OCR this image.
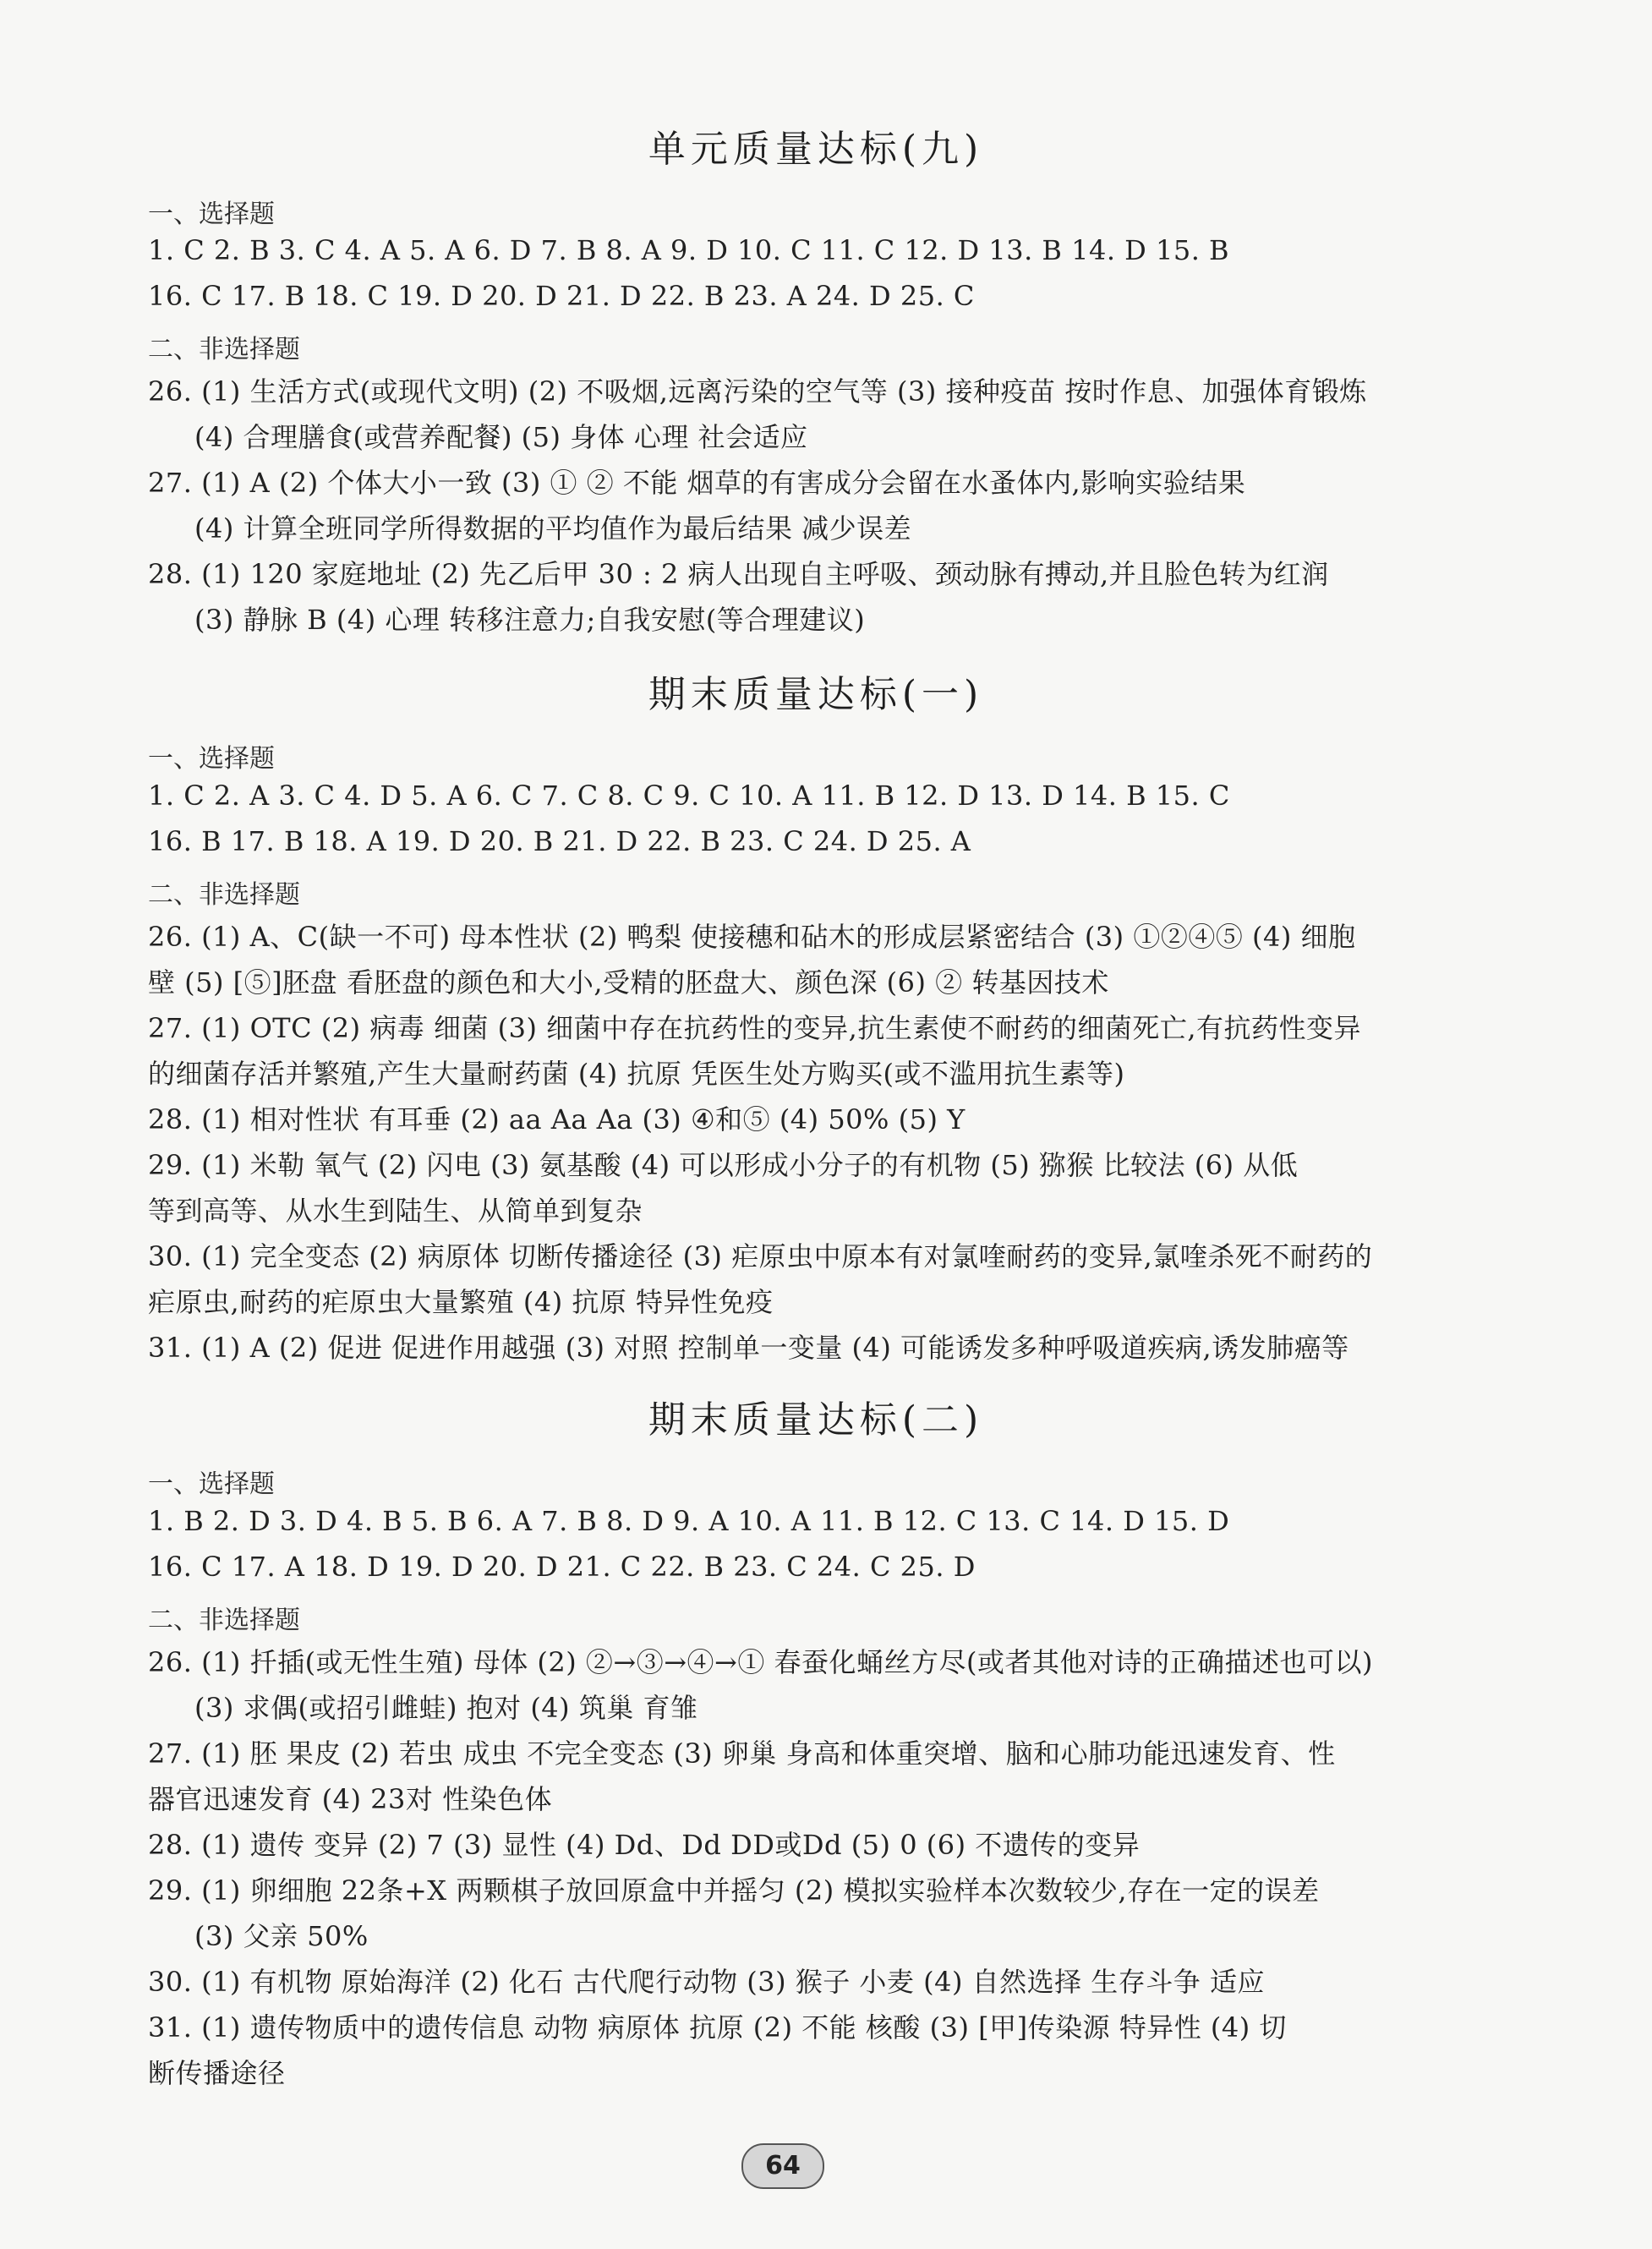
单元质量达标(九)
一、选择题
1. C 2. B 3. C 4. A 5. A 6. D 7. B 8. A 9. D 10. C 11. C 12. D 13. B 14. D 15. B
16. C 17. B 18. C 19. D 20. D 21. D 22. B 23. A 24. D 25. C
二、非选择题
26. (1) 生活方式(或现代文明) (2) 不吸烟,远离污染的空气等 (3) 接种疫苗 按时作息、加强体育锻炼
(4) 合理膳食(或营养配餐) (5) 身体 心理 社会适应
27. (1) A (2) 个体大小一致 (3) ① ② 不能 烟草的有害成分会留在水蚤体内,影响实验结果
(4) 计算全班同学所得数据的平均值作为最后结果 减少误差
28. (1) 120 家庭地址 (2) 先乙后甲 30 : 2 病人出现自主呼吸、颈动脉有搏动,并且脸色转为红润
(3) 静脉 B (4) 心理 转移注意力;自我安慰(等合理建议)
期末质量达标(一)
一、选择题
1. C 2. A 3. C 4. D 5. A 6. C 7. C 8. C 9. C 10. A 11. B 12. D 13. D 14. B 15. C
16. B 17. B 18. A 19. D 20. B 21. D 22. B 23. C 24. D 25. A
二、非选择题
26. (1) A、C(缺一不可) 母本性状 (2) 鸭梨 使接穗和砧木的形成层紧密结合 (3) ①②④⑤ (4) 细胞
壁 (5) [⑤]胚盘 看胚盘的颜色和大小,受精的胚盘大、颜色深 (6) ② 转基因技术
27. (1) OTC (2) 病毒 细菌 (3) 细菌中存在抗药性的变异,抗生素使不耐药的细菌死亡,有抗药性变异
的细菌存活并繁殖,产生大量耐药菌 (4) 抗原 凭医生处方购买(或不滥用抗生素等)
28. (1) 相对性状 有耳垂 (2) aa Aa Aa (3) ④和⑤ (4) 50% (5) Y
29. (1) 米勒 氧气 (2) 闪电 (3) 氨基酸 (4) 可以形成小分子的有机物 (5) 猕猴 比较法 (6) 从低
等到高等、从水生到陆生、从简单到复杂
30. (1) 完全变态 (2) 病原体 切断传播途径 (3) 疟原虫中原本有对氯喹耐药的变异,氯喹杀死不耐药的
疟原虫,耐药的疟原虫大量繁殖 (4) 抗原 特异性免疫
31. (1) A (2) 促进 促进作用越强 (3) 对照 控制单一变量 (4) 可能诱发多种呼吸道疾病,诱发肺癌等
期末质量达标(二)
一、选择题
1. B 2. D 3. D 4. B 5. B 6. A 7. B 8. D 9. A 10. A 11. B 12. C 13. C 14. D 15. D
16. C 17. A 18. D 19. D 20. D 21. C 22. B 23. C 24. C 25. D
二、非选择题
26. (1) 扦插(或无性生殖) 母体 (2) ②→③→④→① 春蚕化蛹丝方尽(或者其他对诗的正确描述也可以)
(3) 求偶(或招引雌蛙) 抱对 (4) 筑巢 育雏
27. (1) 胚 果皮 (2) 若虫 成虫 不完全变态 (3) 卵巢 身高和体重突增、脑和心肺功能迅速发育、性
器官迅速发育 (4) 23对 性染色体
28. (1) 遗传 变异 (2) 7 (3) 显性 (4) Dd、Dd DD或Dd (5) 0 (6) 不遗传的变异
29. (1) 卵细胞 22条+X 两颗棋子放回原盒中并摇匀 (2) 模拟实验样本次数较少,存在一定的误差
(3) 父亲 50%
30. (1) 有机物 原始海洋 (2) 化石 古代爬行动物 (3) 猴子 小麦 (4) 自然选择 生存斗争 适应
31. (1) 遗传物质中的遗传信息 动物 病原体 抗原 (2) 不能 核酸 (3) [甲]传染源 特异性 (4) 切
断传播途径
64
